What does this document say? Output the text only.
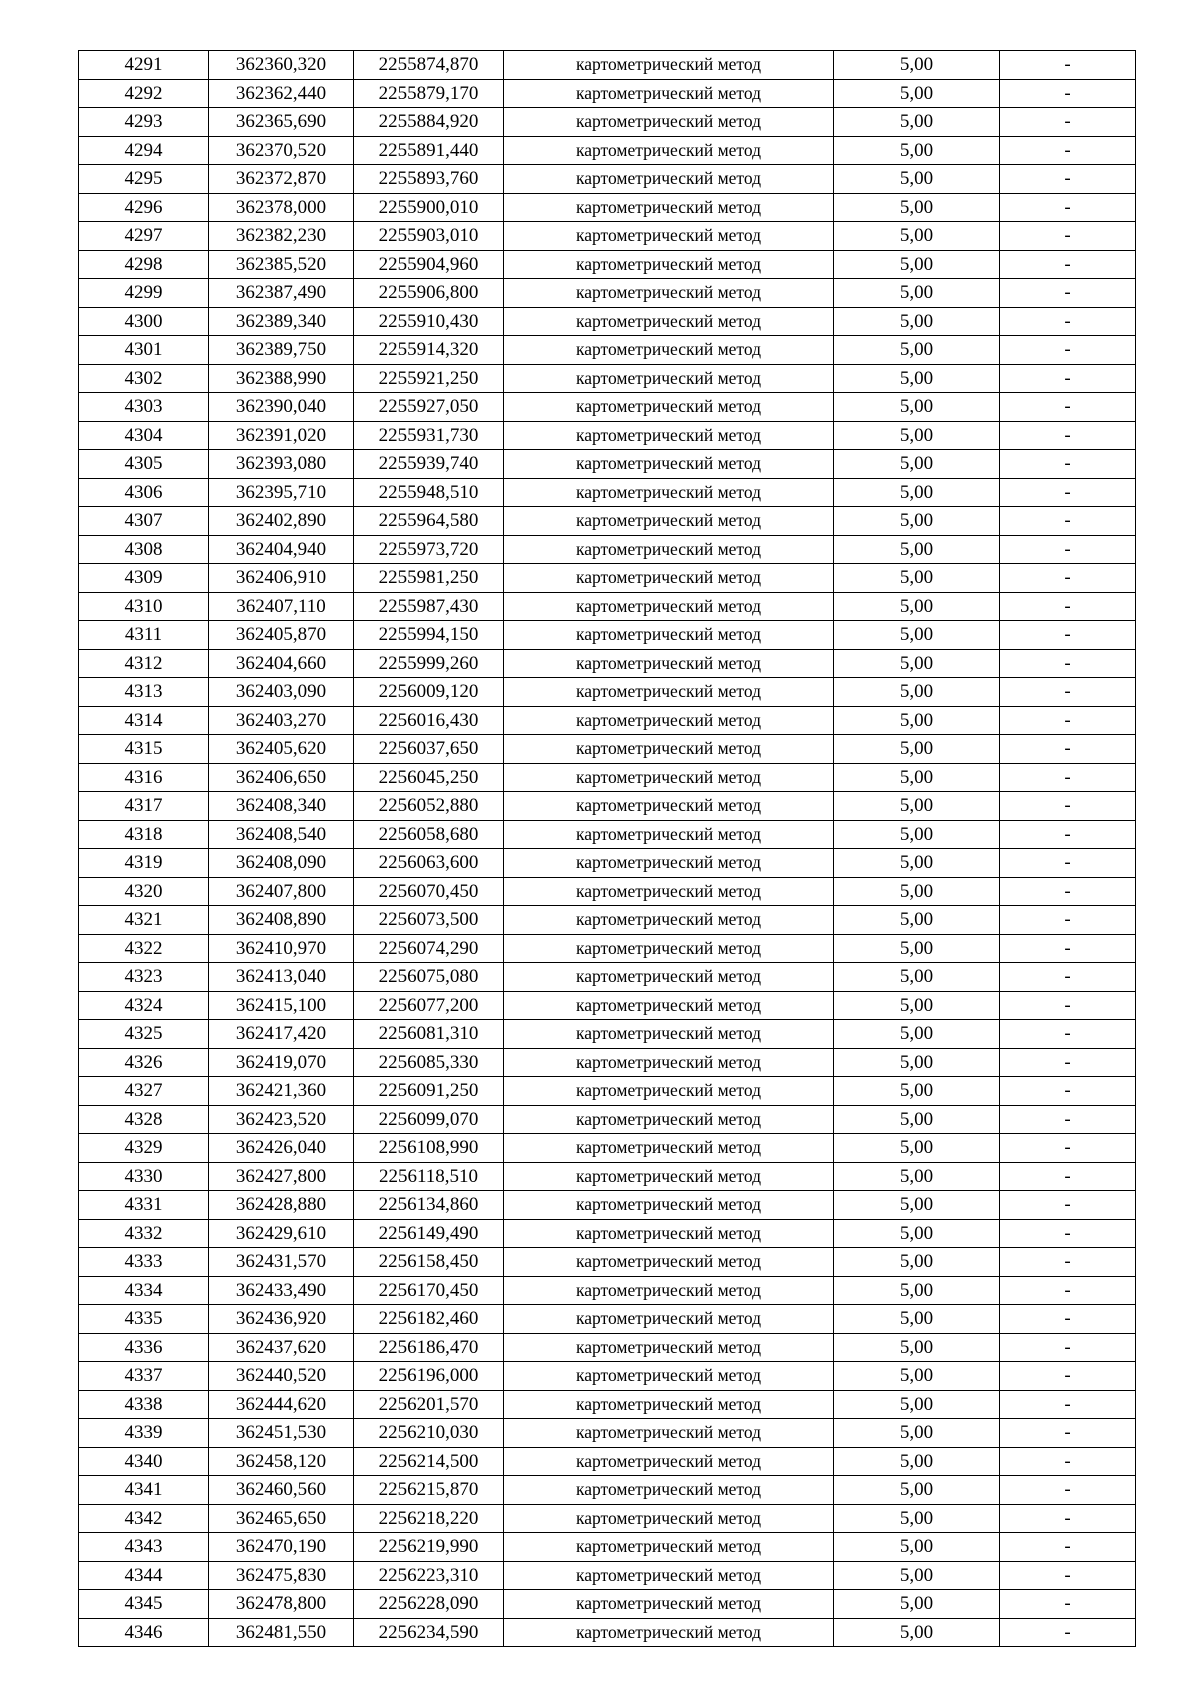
4291	362360,320	2255874,870	картометрический метод	5,00	-
4292	362362,440	2255879,170	картометрический метод	5,00	-
4293	362365,690	2255884,920	картометрический метод	5,00	-
4294	362370,520	2255891,440	картометрический метод	5,00	-
4295	362372,870	2255893,760	картометрический метод	5,00	-
4296	362378,000	2255900,010	картометрический метод	5,00	-
4297	362382,230	2255903,010	картометрический метод	5,00	-
4298	362385,520	2255904,960	картометрический метод	5,00	-
4299	362387,490	2255906,800	картометрический метод	5,00	-
4300	362389,340	2255910,430	картометрический метод	5,00	-
4301	362389,750	2255914,320	картометрический метод	5,00	-
4302	362388,990	2255921,250	картометрический метод	5,00	-
4303	362390,040	2255927,050	картометрический метод	5,00	-
4304	362391,020	2255931,730	картометрический метод	5,00	-
4305	362393,080	2255939,740	картометрический метод	5,00	-
4306	362395,710	2255948,510	картометрический метод	5,00	-
4307	362402,890	2255964,580	картометрический метод	5,00	-
4308	362404,940	2255973,720	картометрический метод	5,00	-
4309	362406,910	2255981,250	картометрический метод	5,00	-
4310	362407,110	2255987,430	картометрический метод	5,00	-
4311	362405,870	2255994,150	картометрический метод	5,00	-
4312	362404,660	2255999,260	картометрический метод	5,00	-
4313	362403,090	2256009,120	картометрический метод	5,00	-
4314	362403,270	2256016,430	картометрический метод	5,00	-
4315	362405,620	2256037,650	картометрический метод	5,00	-
4316	362406,650	2256045,250	картометрический метод	5,00	-
4317	362408,340	2256052,880	картометрический метод	5,00	-
4318	362408,540	2256058,680	картометрический метод	5,00	-
4319	362408,090	2256063,600	картометрический метод	5,00	-
4320	362407,800	2256070,450	картометрический метод	5,00	-
4321	362408,890	2256073,500	картометрический метод	5,00	-
4322	362410,970	2256074,290	картометрический метод	5,00	-
4323	362413,040	2256075,080	картометрический метод	5,00	-
4324	362415,100	2256077,200	картометрический метод	5,00	-
4325	362417,420	2256081,310	картометрический метод	5,00	-
4326	362419,070	2256085,330	картометрический метод	5,00	-
4327	362421,360	2256091,250	картометрический метод	5,00	-
4328	362423,520	2256099,070	картометрический метод	5,00	-
4329	362426,040	2256108,990	картометрический метод	5,00	-
4330	362427,800	2256118,510	картометрический метод	5,00	-
4331	362428,880	2256134,860	картометрический метод	5,00	-
4332	362429,610	2256149,490	картометрический метод	5,00	-
4333	362431,570	2256158,450	картометрический метод	5,00	-
4334	362433,490	2256170,450	картометрический метод	5,00	-
4335	362436,920	2256182,460	картометрический метод	5,00	-
4336	362437,620	2256186,470	картометрический метод	5,00	-
4337	362440,520	2256196,000	картометрический метод	5,00	-
4338	362444,620	2256201,570	картометрический метод	5,00	-
4339	362451,530	2256210,030	картометрический метод	5,00	-
4340	362458,120	2256214,500	картометрический метод	5,00	-
4341	362460,560	2256215,870	картометрический метод	5,00	-
4342	362465,650	2256218,220	картометрический метод	5,00	-
4343	362470,190	2256219,990	картометрический метод	5,00	-
4344	362475,830	2256223,310	картометрический метод	5,00	-
4345	362478,800	2256228,090	картометрический метод	5,00	-
4346	362481,550	2256234,590	картометрический метод	5,00	-
